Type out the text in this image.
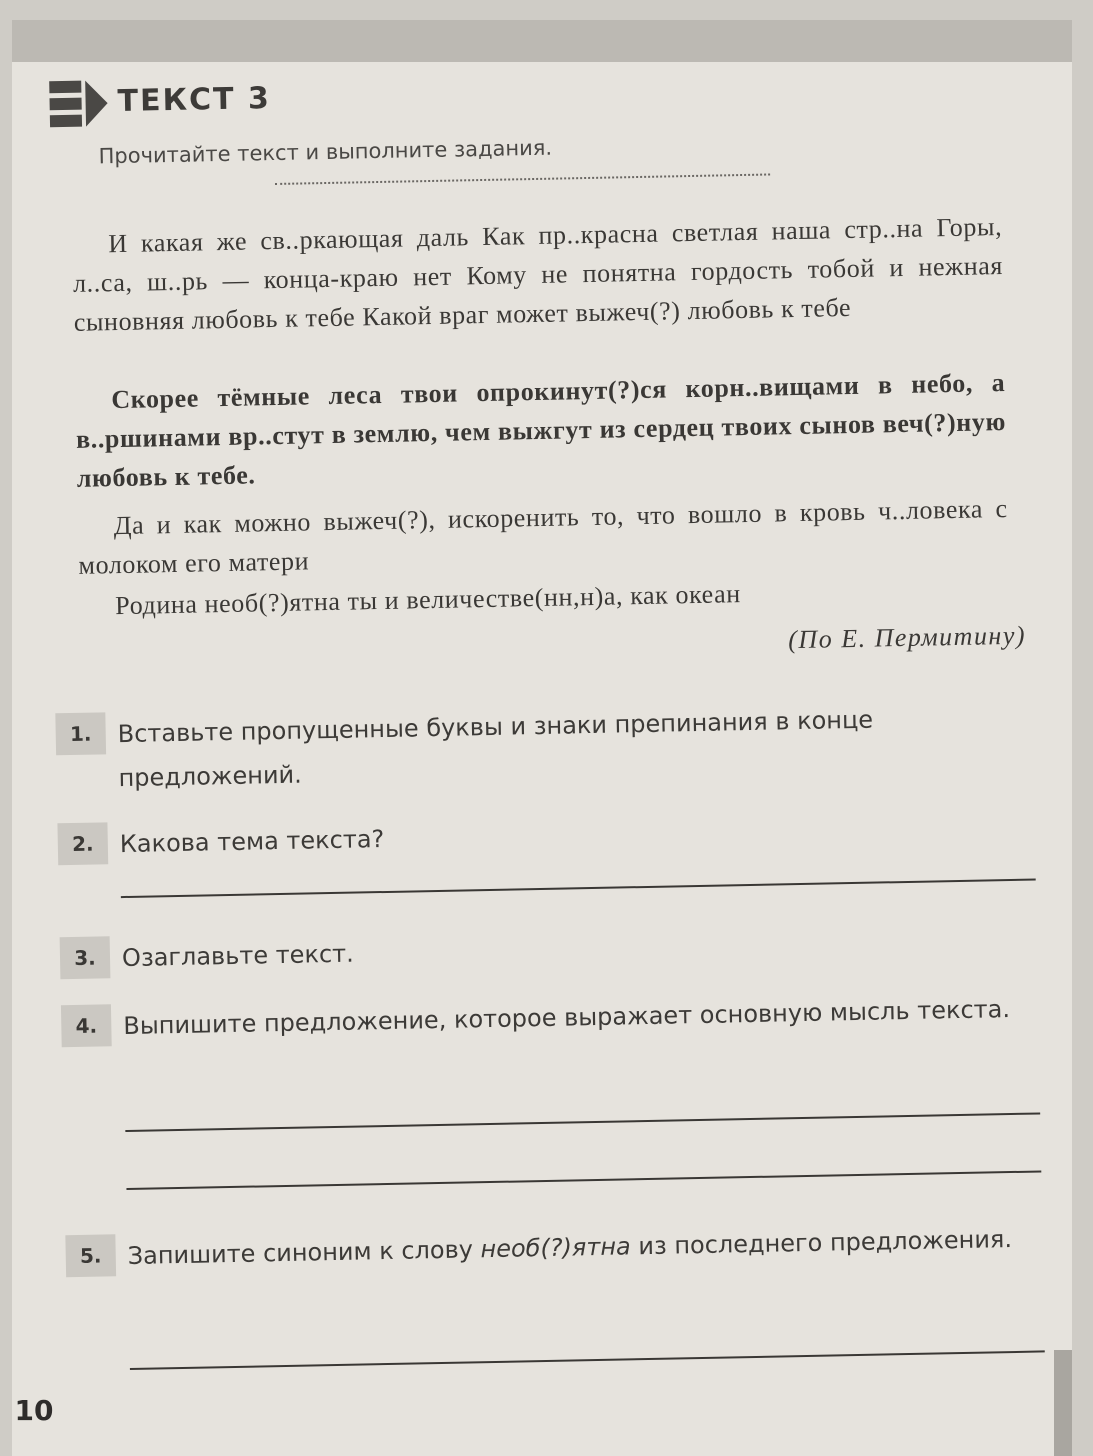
ТЕКСТ 3
Прочитайте текст и выполните задания.
И какая же св..ркающая даль Как пр..красна светлая наша стр..на Горы, л..са, ш..рь — конца-краю нет Кому не понятна гордость тобой и нежная сыновняя любовь к тебе Какой враг может выжеч(?) любовь к тебе
Скорее тёмные леса твои опрокинут(?)ся корн..вищами в небо, а в..ршинами вр..стут в землю, чем выжгут из сердец твоих сынов веч(?)ную любовь к тебе.
Да и как можно выжеч(?), искоренить то, что вошло в кровь ч..ловека с молоком его матери
Родина необ(?)ятна ты и величестве(нн,н)а, как океан
(По Е. Пермитину)
1.	Вставьте пропущенные буквы и знаки препинания в конце предложений.
2.	Какова тема текста?
3.	Озаглавьте текст.
4.	Выпишите предложение, которое выражает основную мысль текста.
5.	Запишите синоним к слову необ(?)ятна из последнего предложения.
10
